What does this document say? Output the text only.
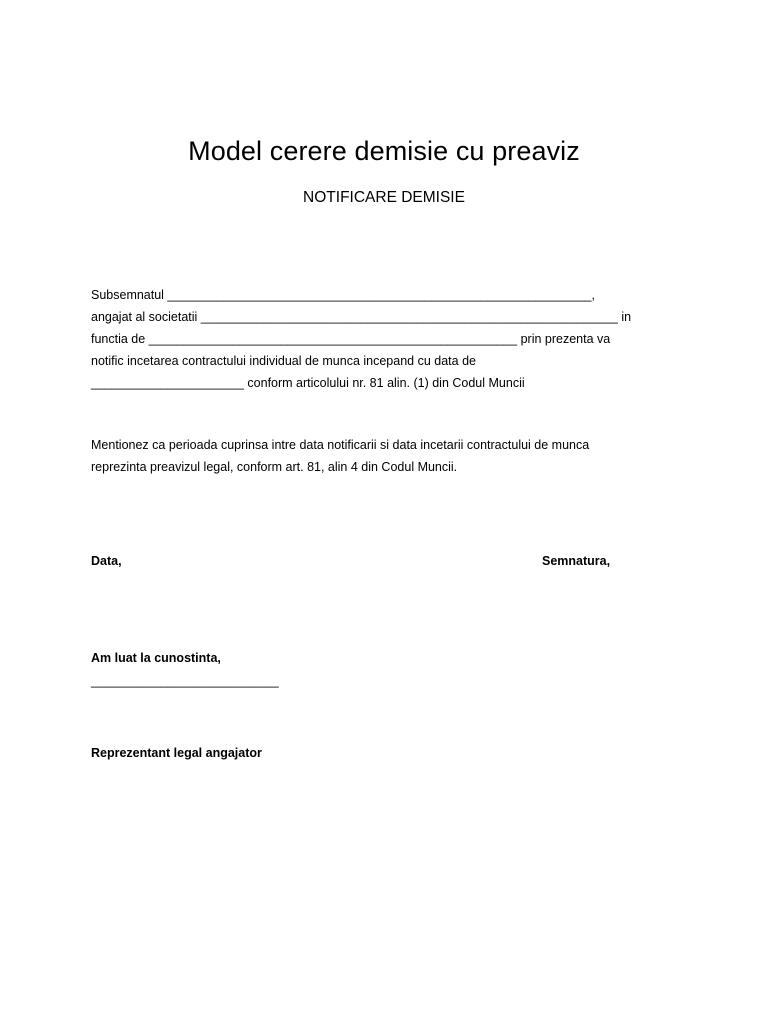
Model cerere demisie cu preaviz
NOTIFICARE DEMISIE
Subsemnatul _____________________________________________________________,
angajat al societatii ____________________________________________________________ in
functia de _____________________________________________________ prin prezenta va
notific incetarea contractului individual de munca incepand cu data de
______________________ conform articolului nr. 81 alin. (1) din Codul Muncii
Mentionez ca perioada cuprinsa intre data notificarii si data incetarii contractului de munca
reprezinta preavizul legal, conform art. 81, alin 4 din Codul Muncii.
Data,	Semnatura,
Am luat la cunostinta,
___________________________
Reprezentant legal angajator
